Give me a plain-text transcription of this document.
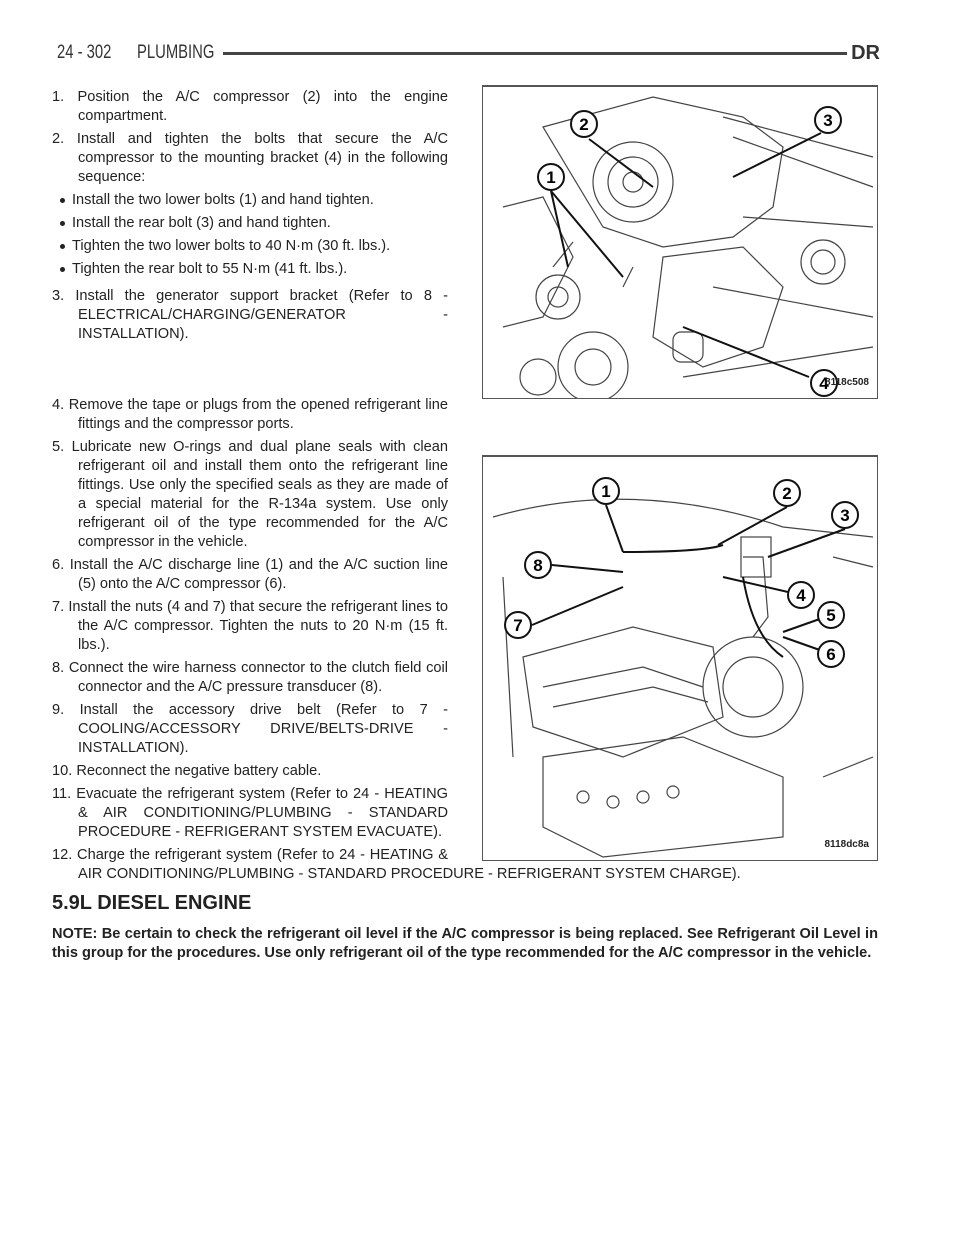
24 - 302 PLUMBING	DR
1
2	3
4
8118c508

1. Position the A/C compressor (2) into the engine compartment.

2. Install and tighten the bolts that secure the A/C compressor to the mounting bracket (4) in the following sequence:

Install the two lower bolts (1) and hand tighten.
Install the rear bolt (3) and hand tighten.
Tighten the two lower bolts to 40 N·m (30 ft. lbs.).
Tighten the rear bolt to 55 N·m (41 ft. lbs.).

3. Install the generator support bracket (Refer to 8 - ELECTRICAL/CHARGING/GENERATOR - INSTALLATION).

1	2
3
4
5
6
7
8
8118dc8a

4. Remove the tape or plugs from the opened refrigerant line fittings and the compressor ports.

5. Lubricate new O-rings and dual plane seals with clean refrigerant oil and install them onto the refrigerant line fittings. Use only the specified seals as they are made of a special material for the R-134a system. Use only refrigerant oil of the type recommended for the A/C compressor in the vehicle.

6. Install the A/C discharge line (1) and the A/C suction line (5) onto the A/C compressor (6).

7. Install the nuts (4 and 7) that secure the refrigerant lines to the A/C compressor. Tighten the nuts to 20 N·m (15 ft. lbs.).

8. Connect the wire harness connector to the clutch field coil connector and the A/C pressure transducer (8).

9. Install the accessory drive belt (Refer to 7 - COOLING/ACCESSORY DRIVE/BELTS-DRIVE - INSTALLATION).

10. Reconnect the negative battery cable.

11. Evacuate the refrigerant system (Refer to 24 - HEATING & AIR CONDITIONING/PLUMBING - STANDARD PROCEDURE - REFRIGERANT SYSTEM EVACUATE).

12. Charge the refrigerant system (Refer to 24 - HEATING & AIR CONDITIONING/PLUMBING - STANDARD PROCEDURE - REFRIGERANT SYSTEM CHARGE).

5.9L DIESEL ENGINE

NOTE: Be certain to check the refrigerant oil level if the A/C compressor is being replaced. See Refrigerant Oil Level in this group for the procedures. Use only refrigerant oil of the type recommended for the A/C compressor in the vehicle.
